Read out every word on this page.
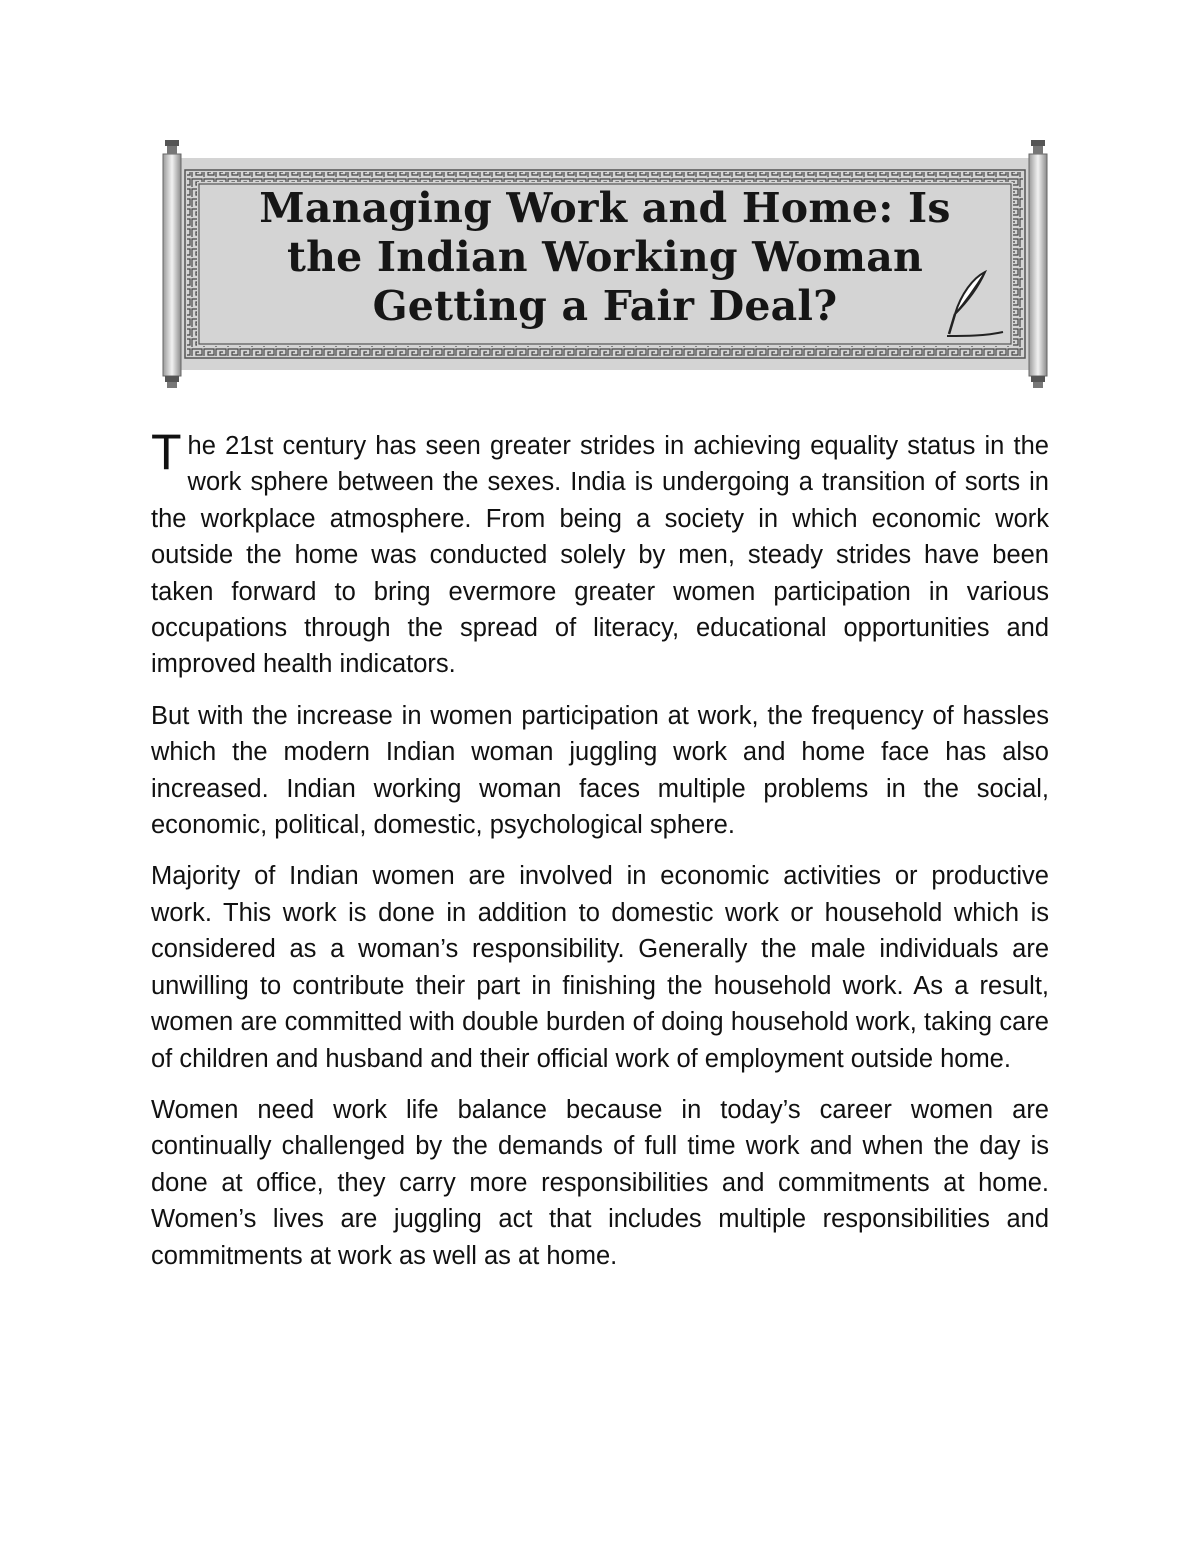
Managing Work and Home: Is
the Indian Working Woman
Getting a Fair Deal?

The 21st century has seen greater strides in achieving equality status in the work sphere between the sexes. India is undergoing a transition of sorts in the workplace atmosphere. From being a society in which economic work outside the home was conducted solely by men, steady strides have been taken forward to bring evermore greater women participation in various occupations through the spread of literacy, educational opportunities and improved health indicators.

But with the increase in women participation at work, the frequency of hassles which the modern Indian woman juggling work and home face has also increased. Indian working woman faces multiple problems in the social, economic, political, domestic, psychological sphere.

Majority of Indian women are involved in economic activities or productive work. This work is done in addition to domestic work or household which is considered as a woman’s responsibility. Generally the male individuals are unwilling to contribute their part in finishing the household work. As a result, women are committed with double burden of doing household work, taking care of children and husband and their official work of employment outside home.

Women need work life balance because in today’s career women are continually challenged by the demands of full time work and when the day is done at office, they carry more responsibilities and commitments at home. Women’s lives are juggling act that includes multiple responsibilities and commitments at work as well as at home.
